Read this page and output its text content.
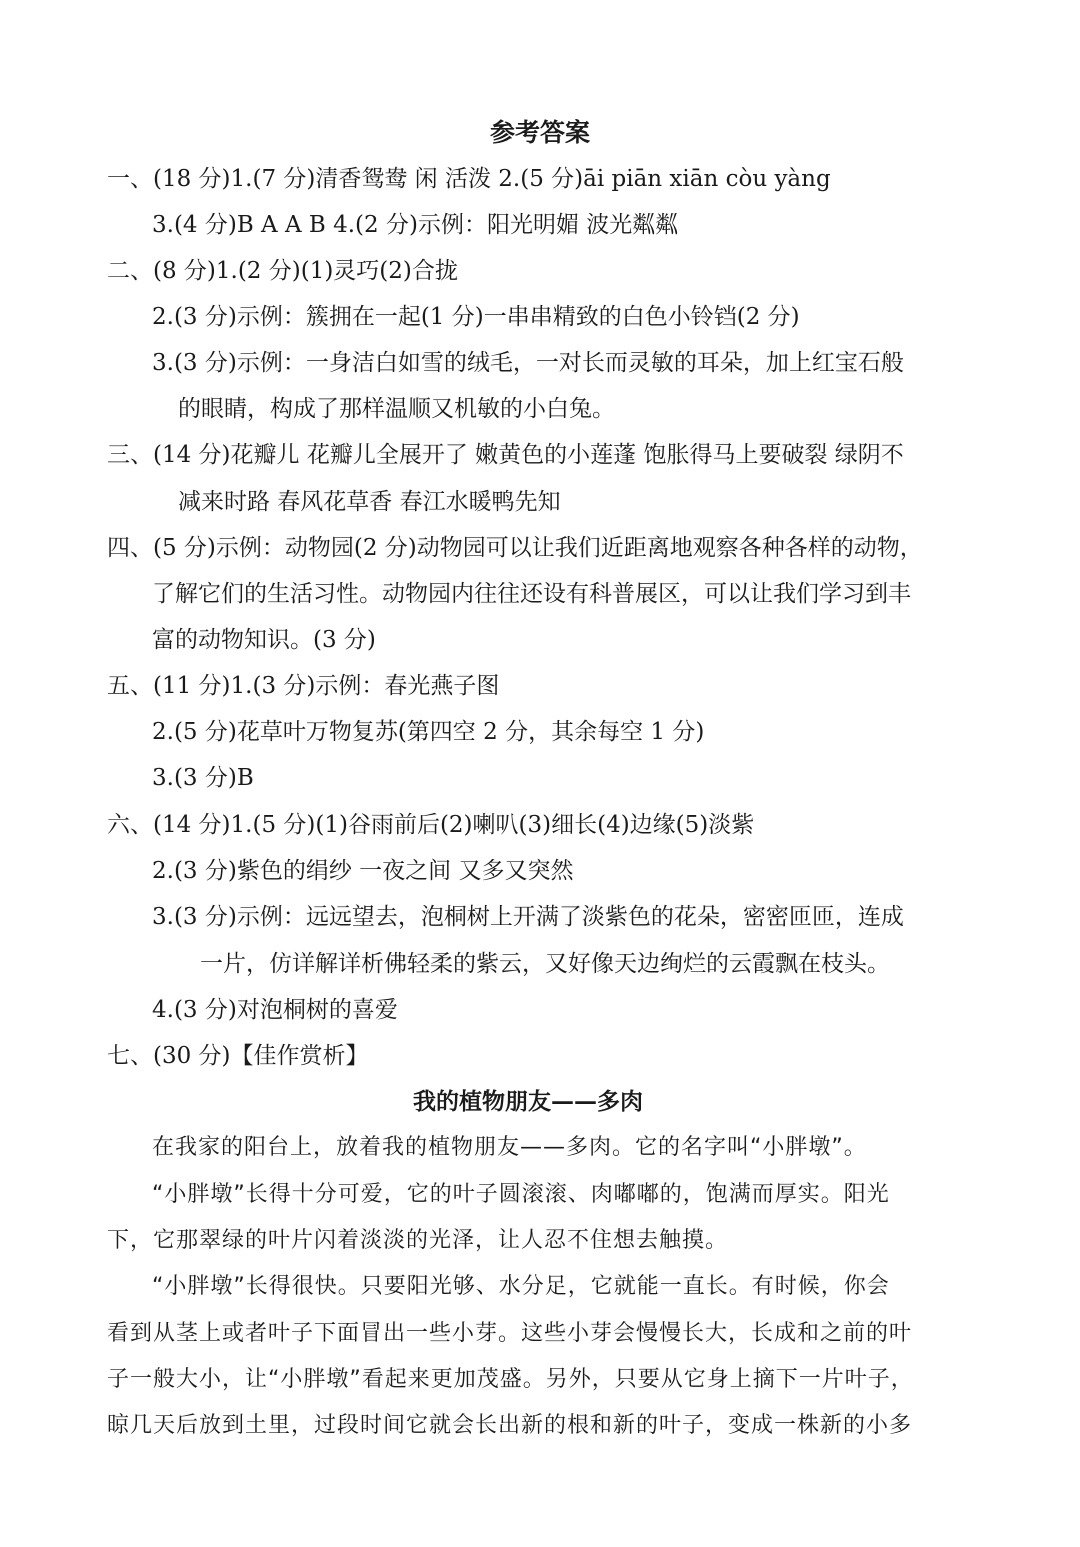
参考答案
一、(18 分)1.(7 分)清香鸳鸯 闲 活泼 2.(5 分)āi piān xiān còu yàng
3.(4 分)B A A B 4.(2 分)示例：阳光明媚 波光粼粼
二、(8 分)1.(2 分)(1)灵巧(2)合拢
2.(3 分)示例：簇拥在一起(1 分)一串串精致的白色小铃铛(2 分)
3.(3 分)示例：一身洁白如雪的绒毛，一对长而灵敏的耳朵，加上红宝石般
的眼睛，构成了那样温顺又机敏的小白兔。
三、(14 分)花瓣儿 花瓣儿全展开了 嫩黄色的小莲蓬 饱胀得马上要破裂 绿阴不
减来时路 春风花草香 春江水暖鸭先知
四、(5 分)示例：动物园(2 分)动物园可以让我们近距离地观察各种各样的动物，
了解它们的生活习性。动物园内往往还设有科普展区，可以让我们学习到丰
富的动物知识。(3 分)
五、(11 分)1.(3 分)示例：春光燕子图
2.(5 分)花草叶万物复苏(第四空 2 分，其余每空 1 分)
3.(3 分)B
六、(14 分)1.(5 分)(1)谷雨前后(2)喇叭(3)细长(4)边缘(5)淡紫
2.(3 分)紫色的绢纱 一夜之间 又多又突然
3.(3 分)示例：远远望去，泡桐树上开满了淡紫色的花朵，密密匝匝，连成
一片，仿详解详析佛轻柔的紫云，又好像天边绚烂的云霞飘在枝头。
4.(3 分)对泡桐树的喜爱
七、(30 分)【佳作赏析】
我的植物朋友——多肉
在我家的阳台上，放着我的植物朋友——多肉。它的名字叫“小胖墩”。
“小胖墩”长得十分可爱，它的叶子圆滚滚、肉嘟嘟的，饱满而厚实。阳光
下，它那翠绿的叶片闪着淡淡的光泽，让人忍不住想去触摸。
“小胖墩”长得很快。只要阳光够、水分足，它就能一直长。有时候，你会
看到从茎上或者叶子下面冒出一些小芽。这些小芽会慢慢长大，长成和之前的叶
子一般大小，让“小胖墩”看起来更加茂盛。另外，只要从它身上摘下一片叶子，
晾几天后放到土里，过段时间它就会长出新的根和新的叶子，变成一株新的小多
